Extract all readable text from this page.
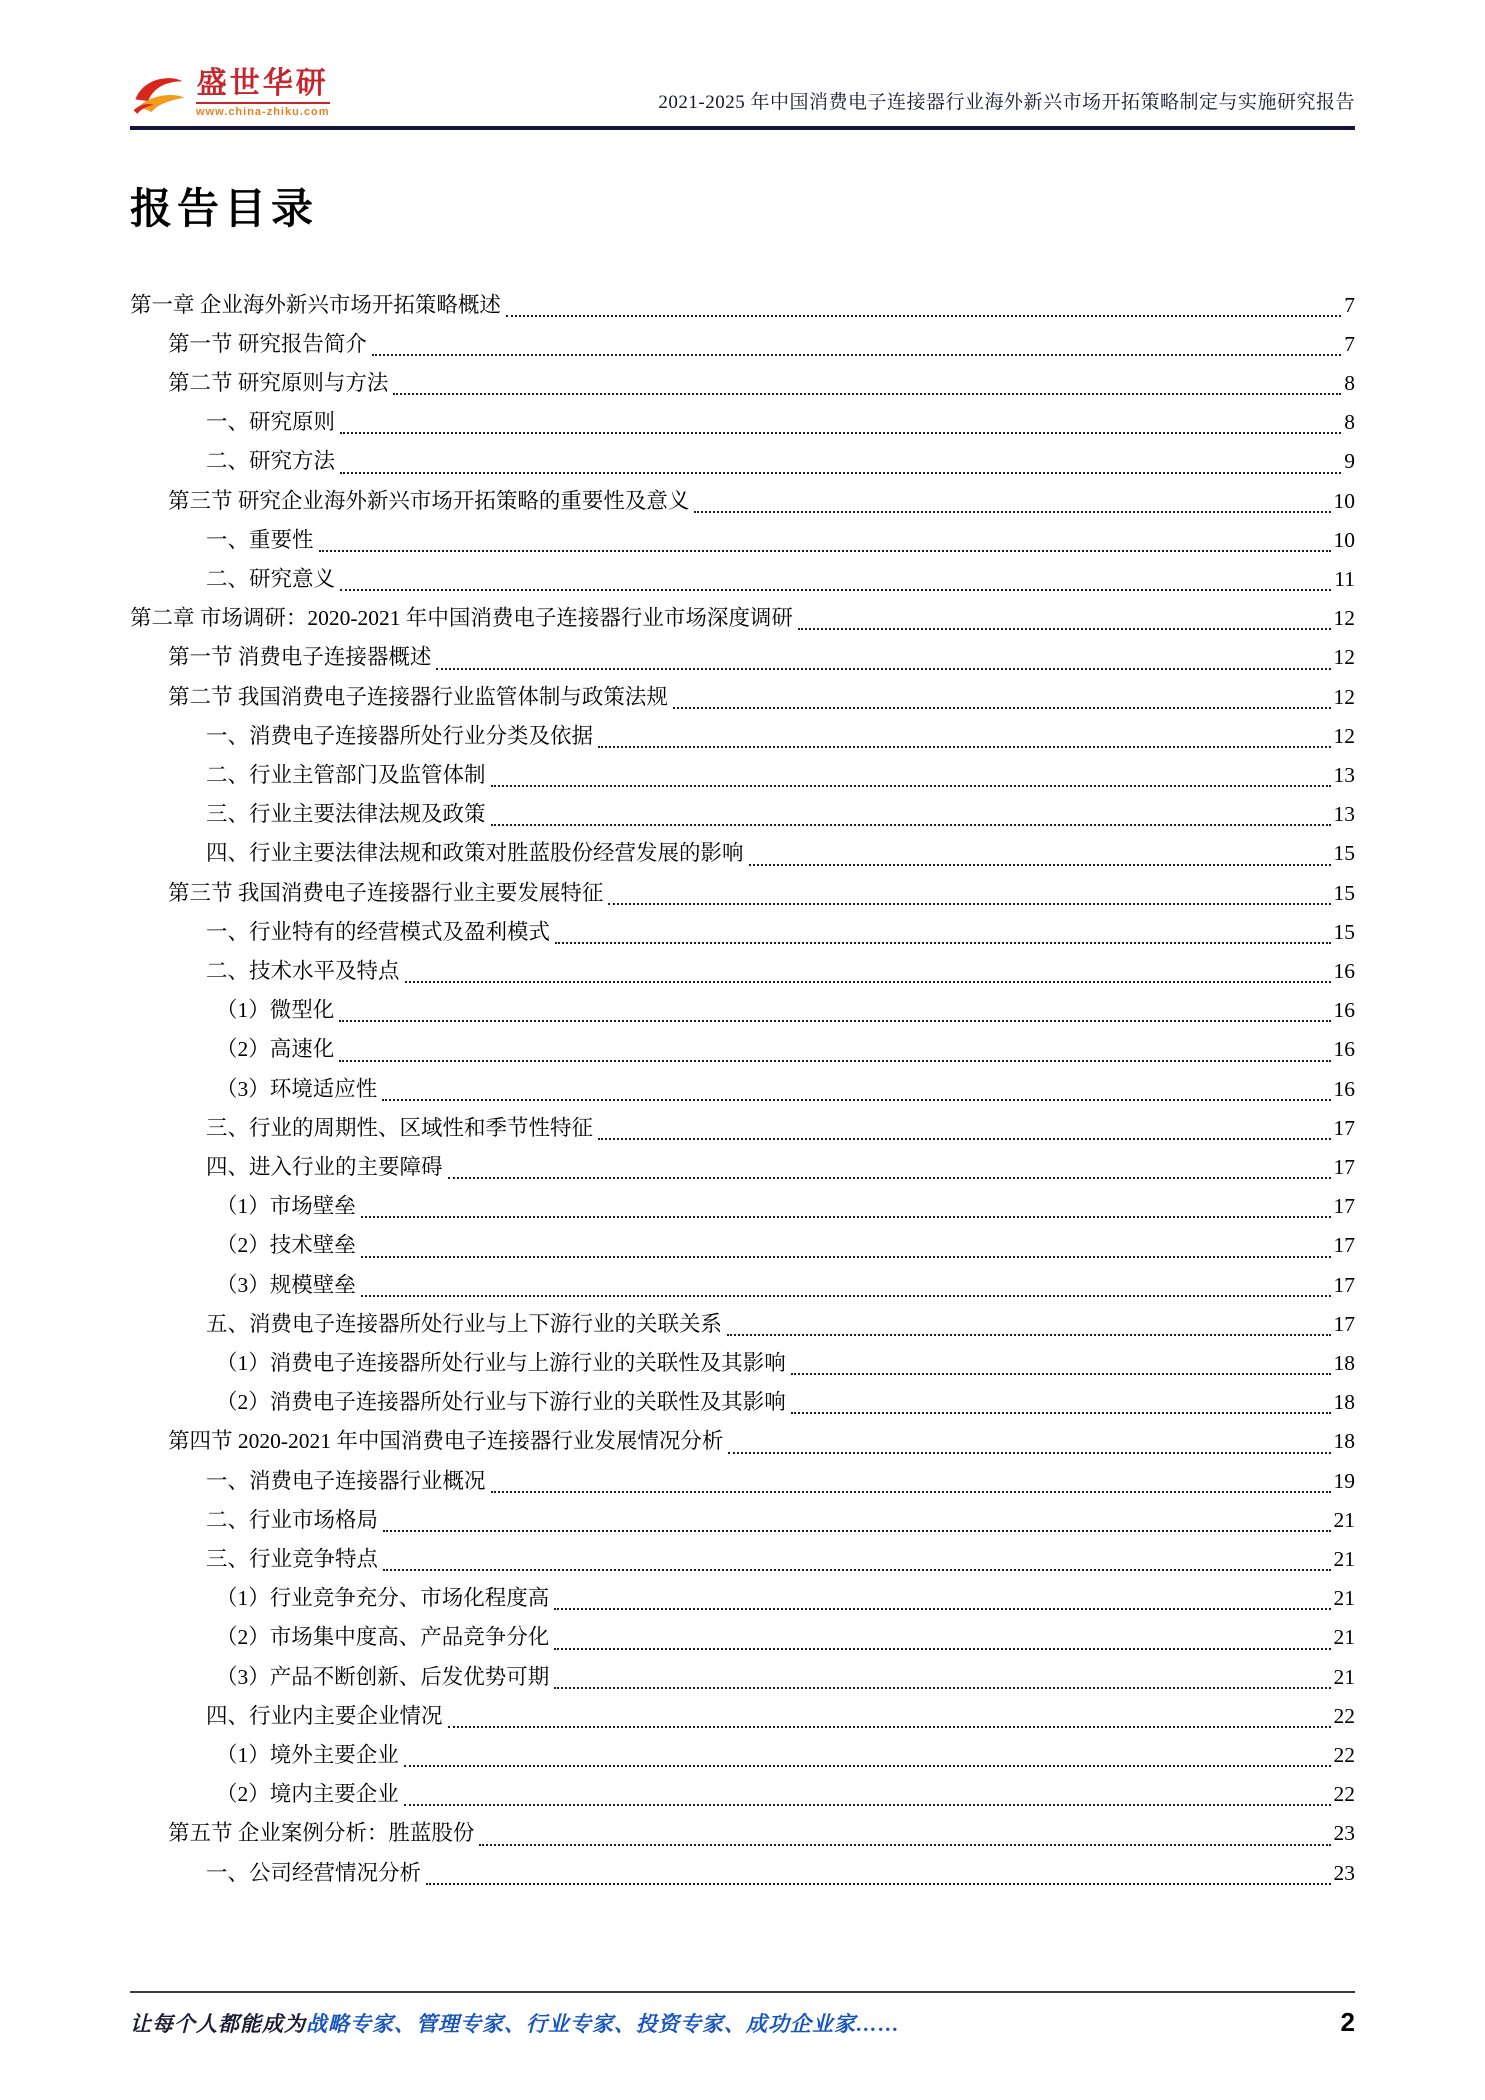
盛世华研
www.china-zhiku.com	2021-2025 年中国消费电子连接器行业海外新兴市场开拓策略制定与实施研究报告
报告目录
第一章 企业海外新兴市场开拓策略概述	7
第一节 研究报告简介	7
第二节 研究原则与方法	8
一、研究原则	8
二、研究方法	9
第三节 研究企业海外新兴市场开拓策略的重要性及意义	10
一、重要性	10
二、研究意义	11
第二章 市场调研：2020-2021 年中国消费电子连接器行业市场深度调研	12
第一节 消费电子连接器概述	12
第二节 我国消费电子连接器行业监管体制与政策法规	12
一、消费电子连接器所处行业分类及依据	12
二、行业主管部门及监管体制	13
三、行业主要法律法规及政策	13
四、行业主要法律法规和政策对胜蓝股份经营发展的影响	15
第三节 我国消费电子连接器行业主要发展特征	15
一、行业特有的经营模式及盈利模式	15
二、技术水平及特点	16
（1）微型化	16
（2）高速化	16
（3）环境适应性	16
三、行业的周期性、区域性和季节性特征	17
四、进入行业的主要障碍	17
（1）市场壁垒	17
（2）技术壁垒	17
（3）规模壁垒	17
五、消费电子连接器所处行业与上下游行业的关联关系	17
（1）消费电子连接器所处行业与上游行业的关联性及其影响	18
（2）消费电子连接器所处行业与下游行业的关联性及其影响	18
第四节 2020-2021 年中国消费电子连接器行业发展情况分析	18
一、消费电子连接器行业概况	19
二、行业市场格局	21
三、行业竞争特点	21
（1）行业竞争充分、市场化程度高	21
（2）市场集中度高、产品竞争分化	21
（3）产品不断创新、后发优势可期	21
四、行业内主要企业情况	22
（1）境外主要企业	22
（2）境内主要企业	22
第五节 企业案例分析：胜蓝股份	23
一、公司经营情况分析	23
让每个人都能成为战略专家、管理专家、行业专家、投资专家、成功企业家……	2
